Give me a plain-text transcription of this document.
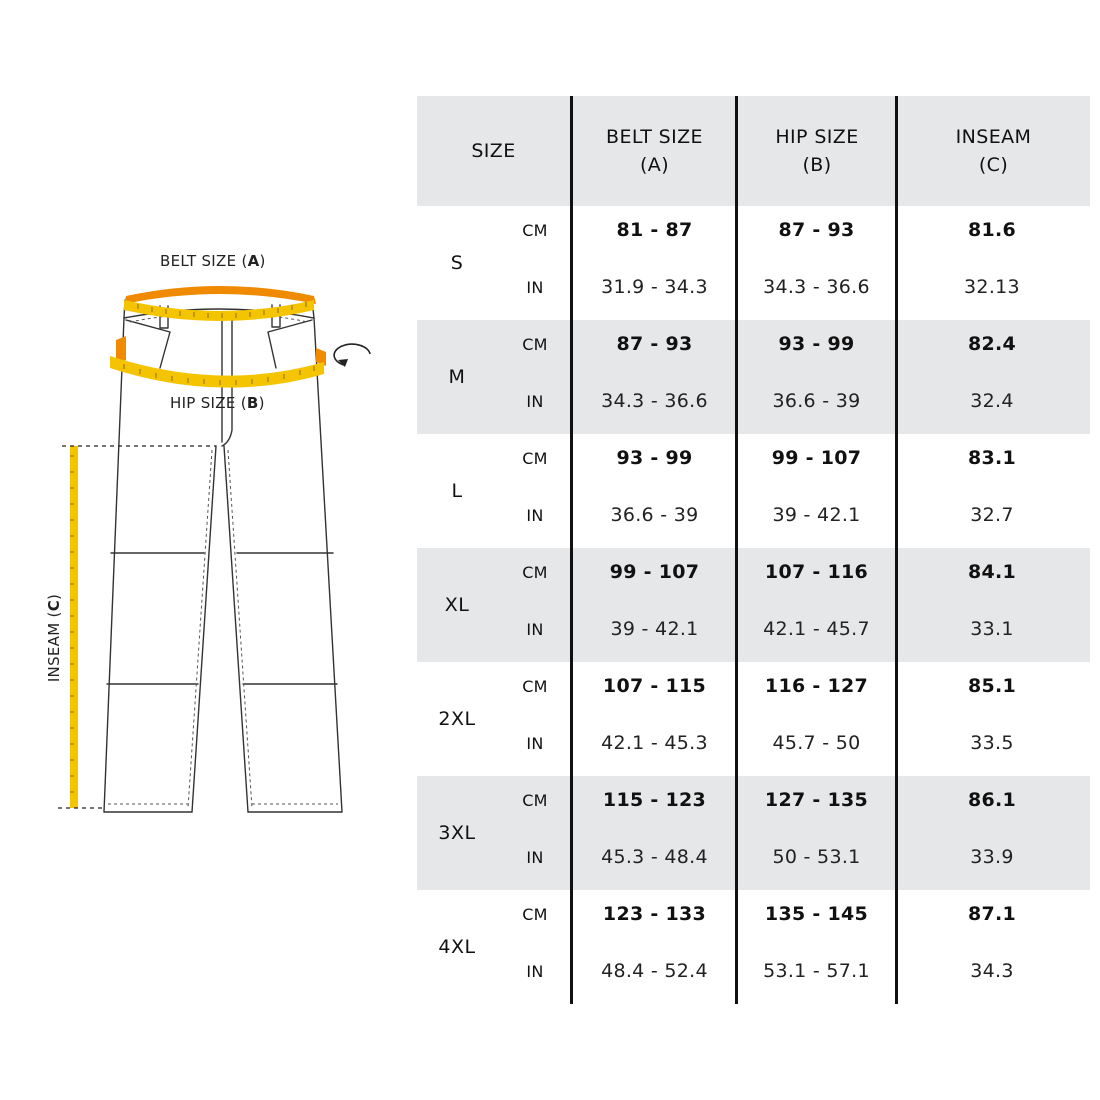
BELT SIZE (A)
HIP SIZE (B)
INSEAM (C)
SIZE
BELT SIZE
(A)
HIP SIZE
(B)
INSEAM
(C)
S
CM
IN
81 - 87
31.9 - 34.3
87 - 93
34.3 - 36.6
81.6
32.13
M
CM
IN
87 - 93
34.3 - 36.6
93 - 99
36.6 - 39
82.4
32.4
L
CM
IN
93 - 99
36.6 - 39
99 - 107
39 - 42.1
83.1
32.7
XL
CM
IN
99 - 107
39 - 42.1
107 - 116
42.1 - 45.7
84.1
33.1
2XL
CM
IN
107 - 115
42.1 - 45.3
116 - 127
45.7 - 50
85.1
33.5
3XL
CM
IN
115 - 123
45.3 - 48.4
127 - 135
50 - 53.1
86.1
33.9
4XL
CM
IN
123 - 133
48.4 - 52.4
135 - 145
53.1 - 57.1
87.1
34.3
